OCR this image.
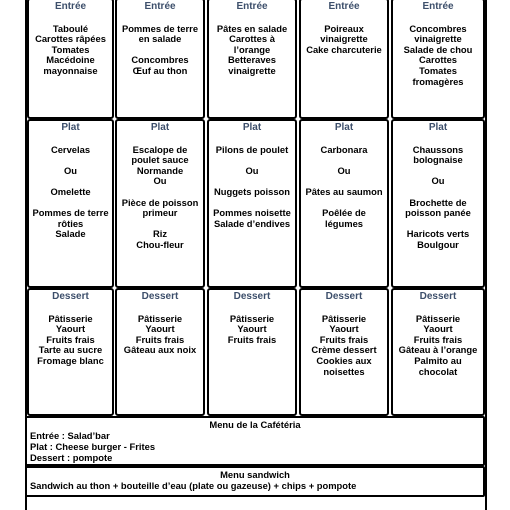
Entrée
Taboulé
Carottes râpées
Tomates
Macédoine
mayonnaise
Entrée
Pommes de terre
en salade
Concombres
Œuf au thon
Entrée
Pâtes en salade
Carottes à
l’orange
Betteraves
vinaigrette
Entrée
Poireaux
vinaigrette
Cake charcuterie
Entrée
Concombres
vinaigrette
Salade de chou
Carottes
Tomates
fromagères
Plat
Cervelas
Ou
Omelette
Pommes de terre
rôties
Salade
Plat
Escalope de
poulet sauce
Normande
Ou
Pièce de poisson
primeur
Riz
Chou-fleur
Plat
Pilons de poulet
Ou
Nuggets poisson
Pommes noisette
Salade d’endives
Plat
Carbonara
Ou
Pâtes au saumon
Poêlée de
légumes
Plat
Chaussons
bolognaise
Ou
Brochette de
poisson panée
Haricots verts
Boulgour
Dessert
Pâtisserie
Yaourt
Fruits frais
Tarte au sucre
Fromage blanc
Dessert
Pâtisserie
Yaourt
Fruits frais
Gâteau aux noix
Dessert
Pâtisserie
Yaourt
Fruits frais
Dessert
Pâtisserie
Yaourt
Fruits frais
Crème dessert
Cookies aux
noisettes
Dessert
Pâtisserie
Yaourt
Fruits frais
Gâteau à l’orange
Palmito au
chocolat
Menu de la Cafétéria
Entrée : Salad’bar
Plat : Cheese burger - Frites
Dessert : pompote
Menu sandwich
Sandwich au thon + bouteille d’eau (plate ou gazeuse) + chips + pompote
